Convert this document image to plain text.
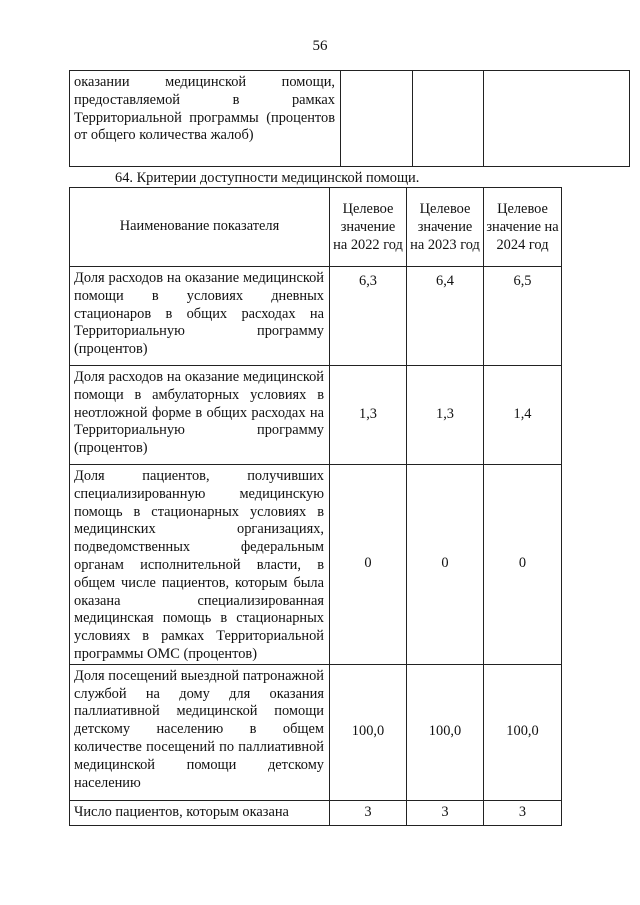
56
оказании медицинской помощи, предоставляемой в рамках Территориальной программы (процентов от общего количества жалоб)

64. Критерии доступности медицинской помощи.
Наименование показателя	Целевое значение на 2022 год	Целевое значение на 2023 год	Целевое значение на 2024 год

Доля расходов на оказание медицинской помощи в условиях дневных стационаров в общих расходах на Территориальную программу (процентов)	6,3	6,4	6,5

Доля расходов на оказание медицинской помощи в амбулаторных условиях в неотложной форме в общих расходах на Территориальную программу (процентов)	1,3	1,3	1,4

Доля пациентов, получивших специализированную медицинскую помощь в стационарных условиях в медицинских организациях, подведомственных федеральным органам исполнительной власти, в общем числе пациентов, которым была оказана специализированная медицинская помощь в стационарных условиях в рамках Территориальной программы ОМС (процентов)	0	0	0

Доля посещений выездной патронажной службой на дому для оказания паллиативной медицинской помощи детскому населению в общем количестве посещений по паллиативной медицинской помощи детскому населению	100,0	100,0	100,0

Число пациентов, которым оказана	3	3	3
